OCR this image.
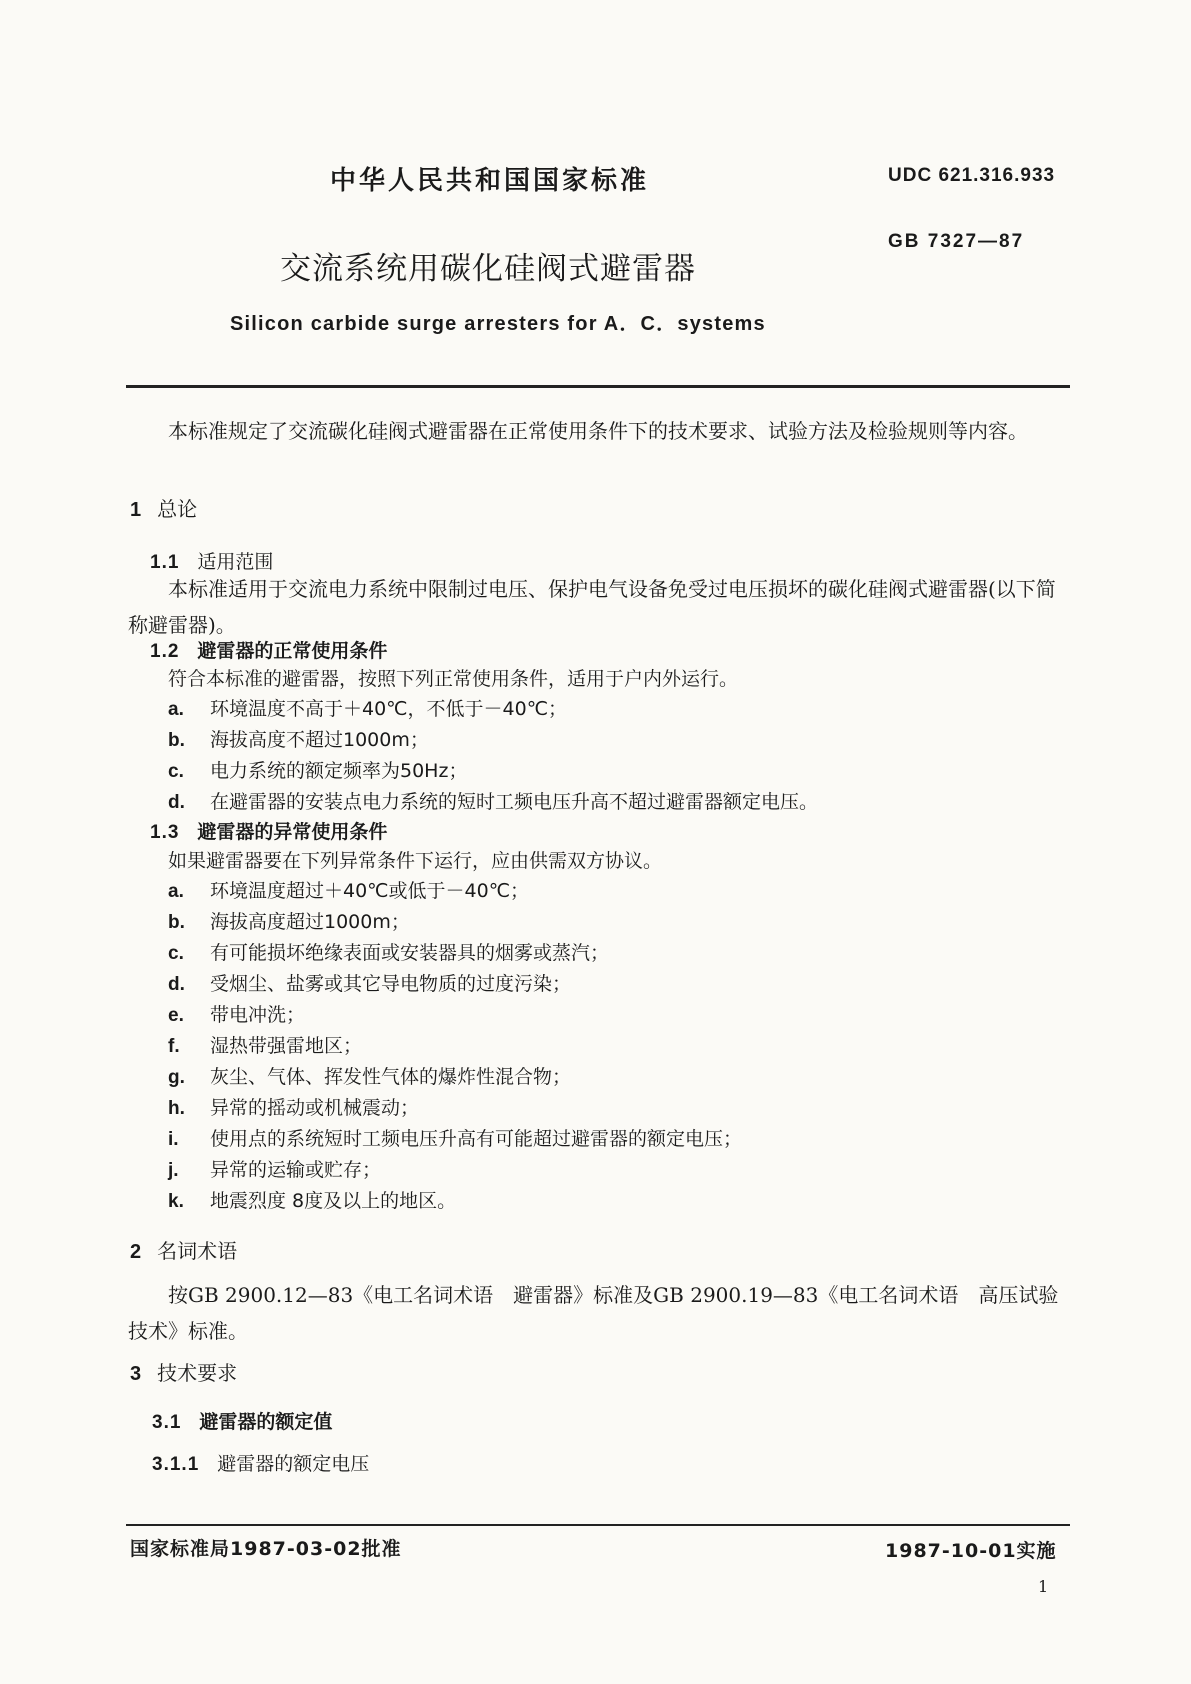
中华人民共和国国家标准	UDC 621.316.933
交流系统用碳化硅阀式避雷器
GB 7327—87
Silicon carbide surge arresters for A．C．systems
本标准规定了交流碳化硅阀式避雷器在正常使用条件下的技术要求、试验方法及检验规则等内容。
1 总论
1.1 适用范围
本标准适用于交流电力系统中限制过电压、保护电气设备免受过电压损坏的碳化硅阀式避雷器(以下简称避雷器)。
1.2 避雷器的正常使用条件
符合本标准的避雷器，按照下列正常使用条件，适用于户内外运行。
a. 环境温度不高于＋40℃，不低于－40℃；
b. 海拔高度不超过1000m；
c. 电力系统的额定频率为50Hz；
d. 在避雷器的安装点电力系统的短时工频电压升高不超过避雷器额定电压。
1.3 避雷器的异常使用条件
如果避雷器要在下列异常条件下运行，应由供需双方协议。
a. 环境温度超过＋40℃或低于－40℃；
b. 海拔高度超过1000m；
c. 有可能损坏绝缘表面或安装器具的烟雾或蒸汽；
d. 受烟尘、盐雾或其它导电物质的过度污染；
e. 带电冲洗；
f. 湿热带强雷地区；
g. 灰尘、气体、挥发性气体的爆炸性混合物；
h. 异常的摇动或机械震动；
i. 使用点的系统短时工频电压升高有可能超过避雷器的额定电压；
j. 异常的运输或贮存；
k. 地震烈度 8度及以上的地区。
2 名词术语
按GB 2900.12—83《电工名词术语　避雷器》标准及GB 2900.19—83《电工名词术语　高压试验技术》标准。
3 技术要求
3.1 避雷器的额定值
3.1.1 避雷器的额定电压
国家标准局1987-03-02批准	1987-10-01实施
1
